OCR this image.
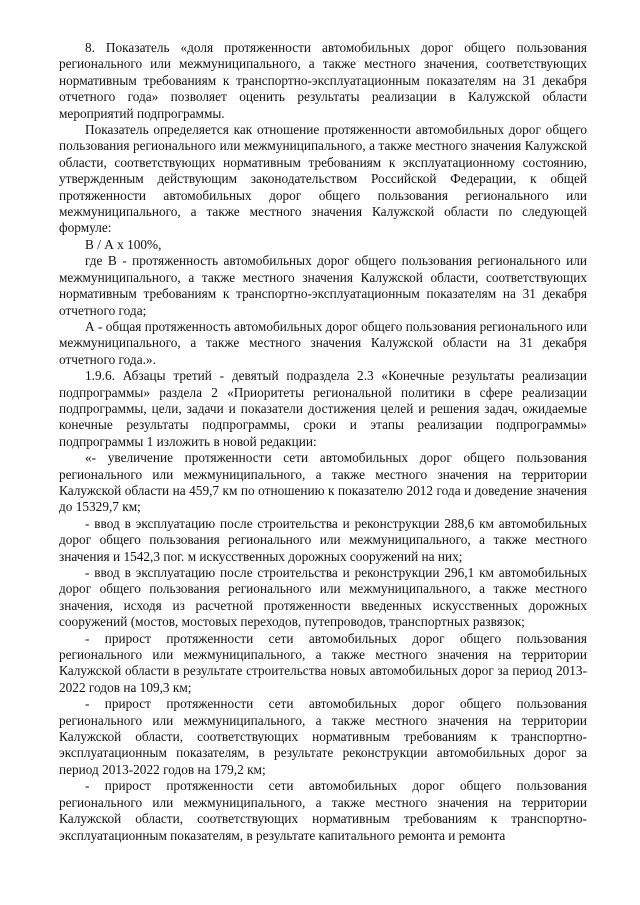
8. Показатель «доля протяженности автомобильных дорог общего пользования регионального или межмуниципального, а также местного значения, соответствующих нормативным требованиям к транспортно-эксплуатационным показателям на 31 декабря отчетного года» позволяет оценить результаты реализации в Калужской области мероприятий подпрограммы.

Показатель определяется как отношение протяженности автомобильных дорог общего пользования регионального или межмуниципального, а также местного значения Калужской области, соответствующих нормативным требованиям к эксплуатационному состоянию, утвержденным действующим законодательством Российской Федерации, к общей протяженности автомобильных дорог общего пользования регионального или межмуниципального, а также местного значения Калужской области по следующей формуле:

В / А x 100%,

где В - протяженность автомобильных дорог общего пользования регионального или межмуниципального, а также местного значения Калужской области, соответствующих нормативным требованиям к транспортно-эксплуатационным показателям на 31 декабря отчетного года;

А - общая протяженность автомобильных дорог общего пользования регионального или межмуниципального, а также местного значения Калужской области на 31 декабря отчетного года.».

1.9.6. Абзацы третий - девятый подраздела 2.3 «Конечные результаты реализации подпрограммы» раздела 2 «Приоритеты региональной политики в сфере реализации подпрограммы, цели, задачи и показатели достижения целей и решения задач, ожидаемые конечные результаты подпрограммы, сроки и этапы реализации подпрограммы» подпрограммы 1 изложить в новой редакции:

«- увеличение протяженности сети автомобильных дорог общего пользования регионального или межмуниципального, а также местного значения на территории Калужской области на 459,7 км по отношению к показателю 2012 года и доведение значения до 15329,7 км;

- ввод в эксплуатацию после строительства и реконструкции 288,6 км автомобильных дорог общего пользования регионального или межмуниципального, а также местного значения и 1542,3 пог. м искусственных дорожных сооружений на них;

- ввод в эксплуатацию после строительства и реконструкции 296,1 км автомобильных дорог общего пользования регионального или межмуниципального, а также местного значения, исходя из расчетной протяженности введенных искусственных дорожных сооружений (мостов, мостовых переходов, путепроводов, транспортных развязок;

- прирост протяженности сети автомобильных дорог общего пользования регионального или межмуниципального, а также местного значения на территории Калужской области в результате строительства новых автомобильных дорог за период 2013-2022 годов на 109,3 км;

- прирост протяженности сети автомобильных дорог общего пользования регионального или межмуниципального, а также местного значения на территории Калужской области, соответствующих нормативным требованиям к транспортно-эксплуатационным показателям, в результате реконструкции автомобильных дорог за период 2013-2022 годов на 179,2 км;

- прирост протяженности сети автомобильных дорог общего пользования регионального или межмуниципального, а также местного значения на территории Калужской области, соответствующих нормативным требованиям к транспортно-эксплуатационным показателям, в результате капитального ремонта и ремонта
